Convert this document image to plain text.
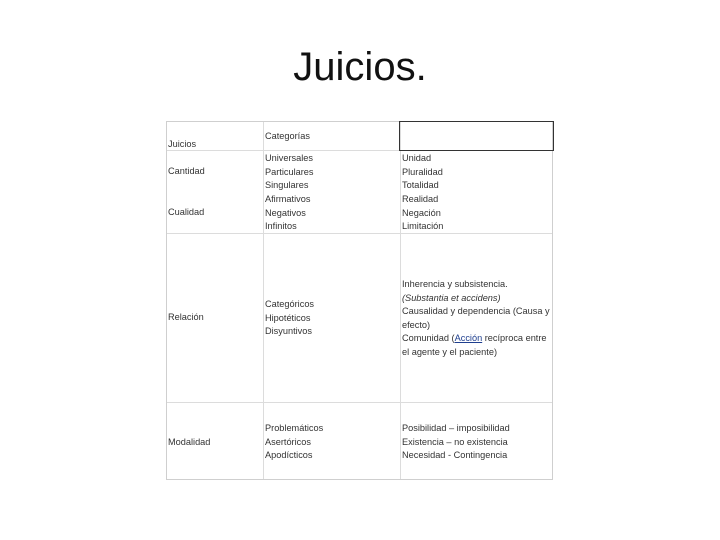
Juicios.
Juicios
Categorías
Cantidad
Universales
Particulares
Singulares
Unidad
Pluralidad
Totalidad
Cualidad
Afirmativos
Negativos
Infinitos
Realidad
Negación
Limitación
Relación
Categóricos
Hipotéticos
Disyuntivos
Inherencia y subsistencia.
(Substantia et accidens)
Causalidad y dependencia (Causa y efecto)
Comunidad (Acción recíproca entre el agente y el paciente)
Modalidad
Problemáticos
Asertóricos
Apodícticos
Posibilidad – imposibilidad
Existencia – no existencia
Necesidad - Contingencia
